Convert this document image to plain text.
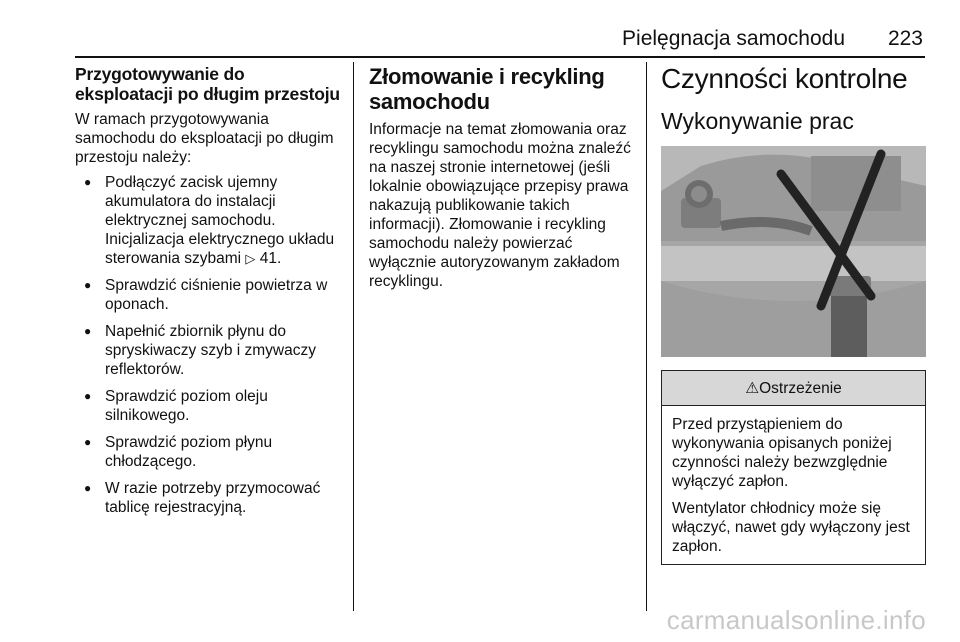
Pielęgnacja samochodu 223
Przygotowywanie do eksploatacji po długim przestoju

W ramach przygotowywania samochodu do eksploatacji po długim przestoju należy:

● Podłączyć zacisk ujemny akumulatora do instalacji elektrycznej samochodu. Inicjalizacja elektrycznego układu sterowania szybami ▷ 41.
● Sprawdzić ciśnienie powietrza w oponach.
● Napełnić zbiornik płynu do spryskiwaczy szyb i zmywaczy reflektorów.
● Sprawdzić poziom oleju silnikowego.
● Sprawdzić poziom płynu chłodzącego.
● W razie potrzeby przymocować tablicę rejestracyjną.
Złomowanie i recykling samochodu

Informacje na temat złomowania oraz recyklingu samochodu można znaleźć na naszej stronie internetowej (jeśli lokalnie obowiązujące przepisy prawa nakazują publikowanie takich informacji). Złomowanie i recykling samochodu należy powierzać wyłącznie autoryzowanym zakładom recyklingu.

Czynności kontrolne
Wykonywanie prac
⚠Ostrzeżenie

Przed przystąpieniem do wykonywania opisanych poniżej czynności należy bezwzględnie wyłączyć zapłon.

Wentylator chłodnicy może się włączyć, nawet gdy wyłączony jest zapłon.

carmanualsonline.info
